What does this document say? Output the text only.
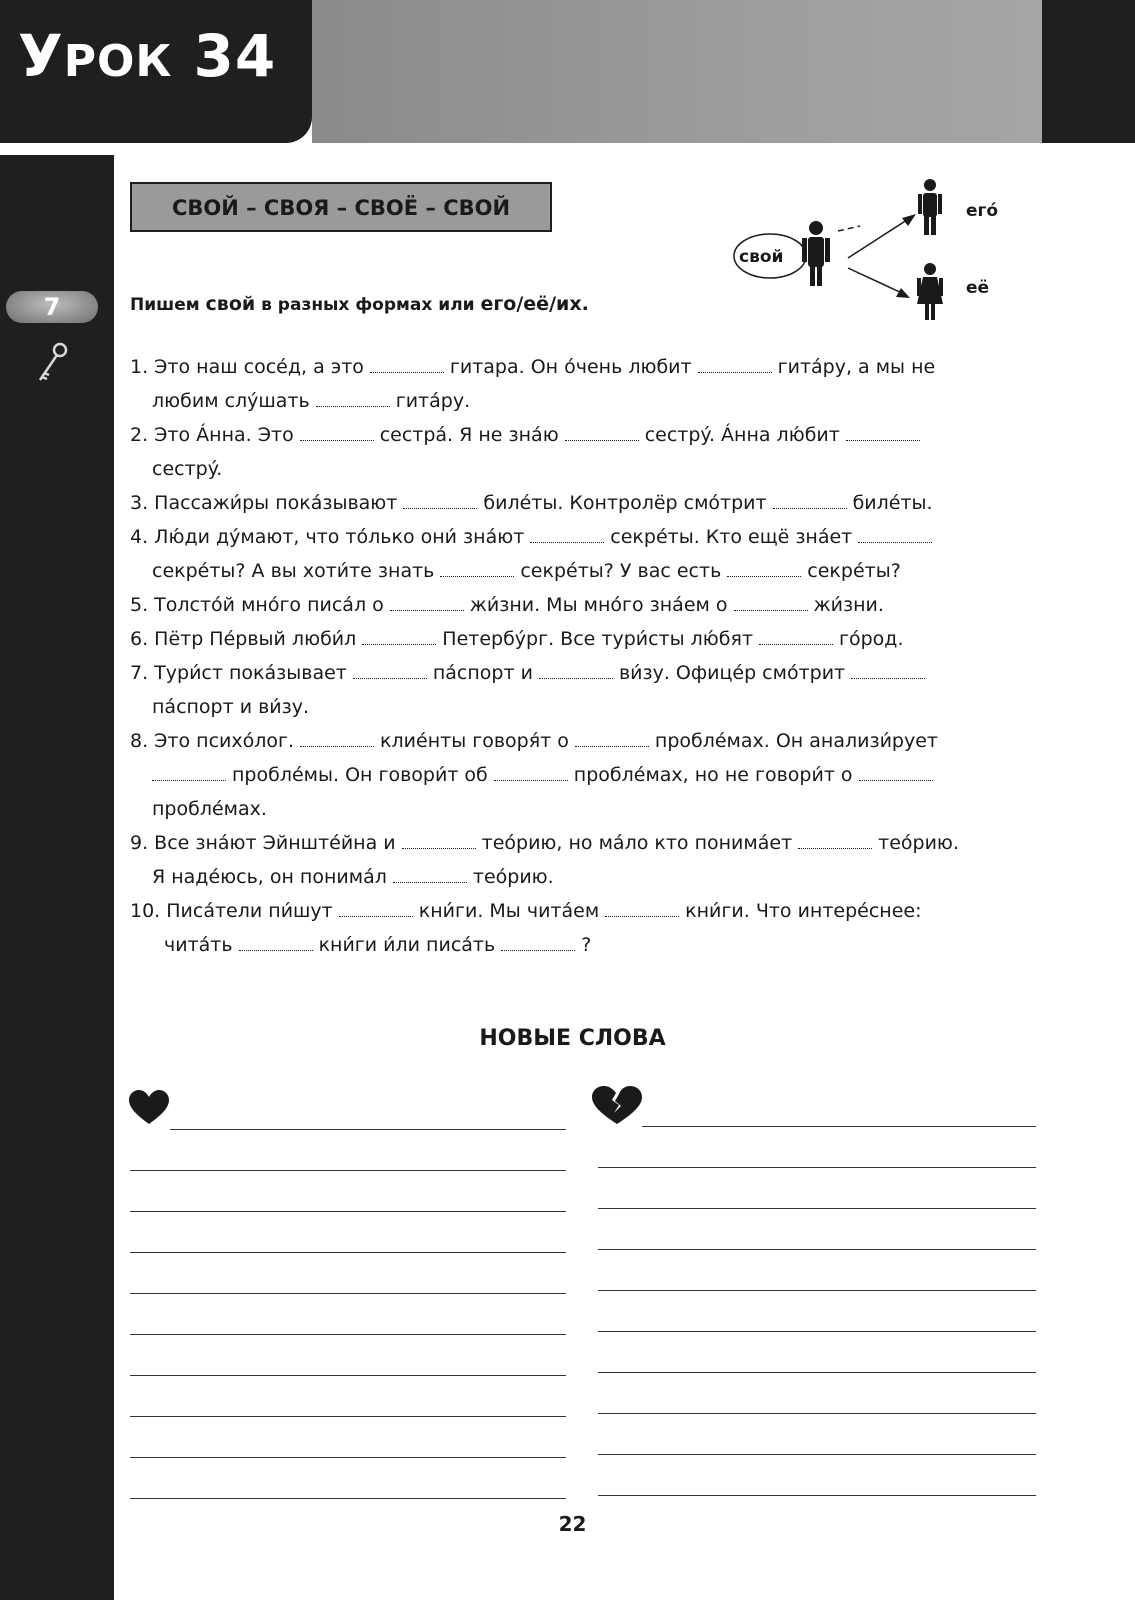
УРОК 34
7
СВОЙ – СВОЯ – СВОЁ – СВОЙ
свой
егó
её
Пишем свой в разных формах или его/её/их.
1. Это наш сосéд, а это	гитара. Он óчень любит	гитáру, а мы не
любим слýшать	гитáру.
2. Это Áнна. Это	сестрá. Я не знáю	сестрý. Áнна лю́бит
сестрý.
3. Пассажи́ры покáзывают	билéты. Контролёр смóтрит	билéты.
4. Лю́ди дýмают, что тóлько они́ знáют	секрéты. Кто ещё знáет
секрéты? А вы хоти́те знать	секрéты? У вас есть	секрéты?
5. Толстóй мнóго писáл о	жи́зни. Мы мнóго знáем о	жи́зни.
6. Пётр Пéрвый люби́л	Петербýрг. Все тури́сты лю́бят	гóрод.
7. Тури́ст покáзывает	пáспорт и	ви́зу. Офицéр смóтрит
пáспорт и ви́зу.
8. Это психóлог.	клиéнты говоря́т о	проблéмах. Он анализи́рует
проблéмы. Он говори́т об	проблéмах, но не говори́т о
проблéмах.
9. Все знáют Эйнштéйна и	теóрию, но мáло кто понимáет	теóрию.
Я надéюсь, он понимáл	теóрию.
10. Писáтели пи́шут	кни́ги. Мы читáем	кни́ги. Что интерéснее:
читáть	кни́ги и́ли писáть	?
НОВЫЕ СЛОВА
22
